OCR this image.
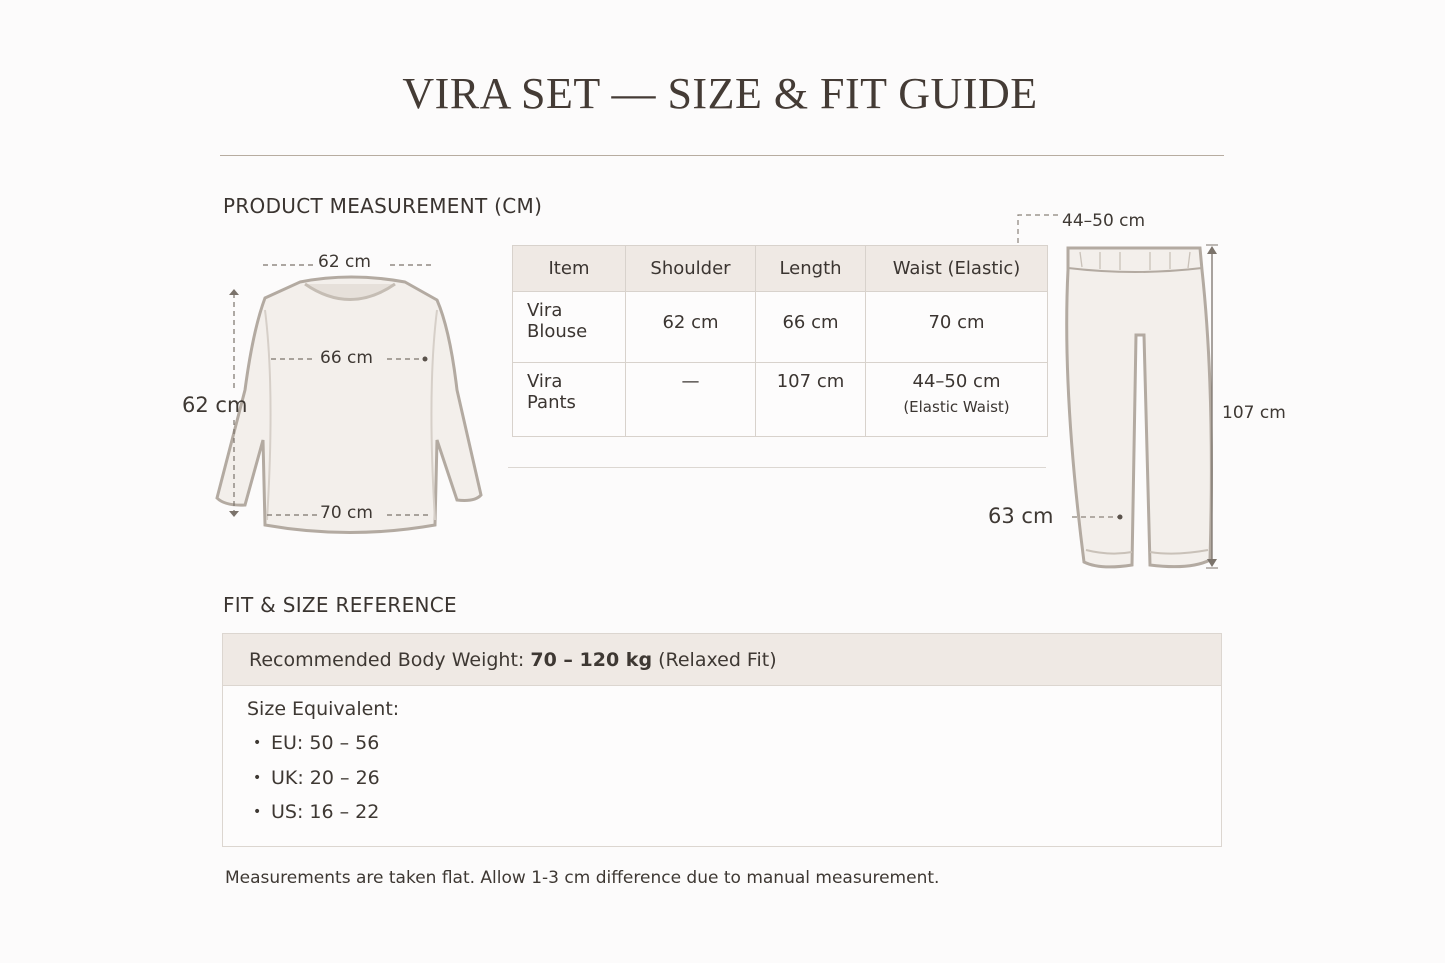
VIRA SET — SIZE & FIT GUIDE
PRODUCT MEASUREMENT (CM)
62 cm
66 cm
62 cm
70 cm
Item	Shoulder	Length	Waist (Elastic)
Vira
Blouse	62 cm	66 cm	70 cm
Vira
Pants	—	107 cm	44–50 cm
(Elastic Waist)
44–50 cm
107 cm
63 cm
FIT & SIZE REFERENCE
Recommended Body Weight:
70 – 120 kg
(Relaxed Fit)
Size Equivalent:
• EU: 50 – 56
• UK: 20 – 26
• US: 16 – 22
Measurements are taken flat. Allow 1-3 cm difference due to manual measurement.
